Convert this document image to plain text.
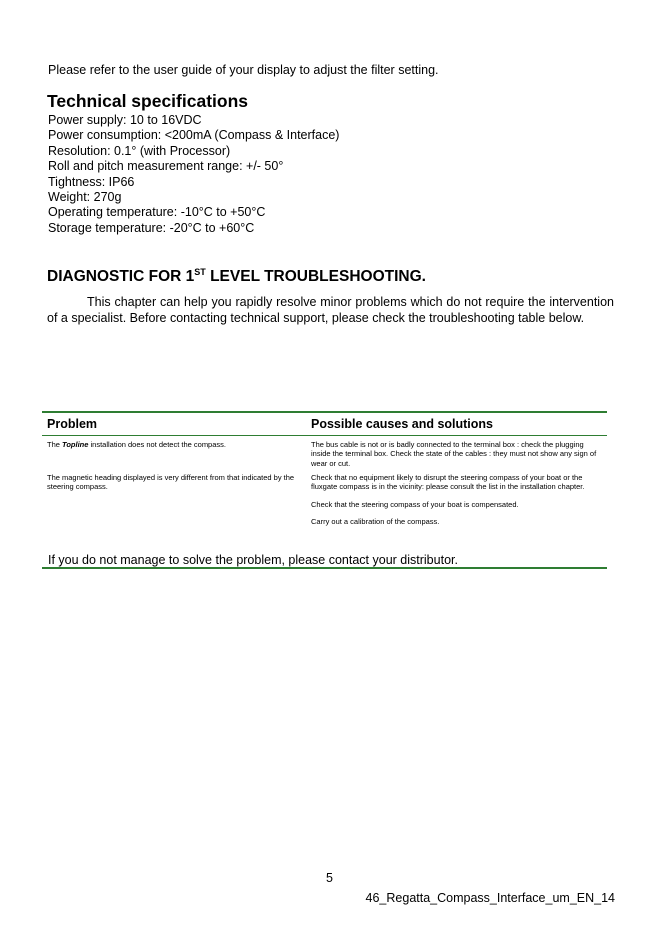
Please refer to the user guide of your display to adjust the filter setting.
Technical specifications
Power supply: 10 to 16VDC
Power consumption: <200mA (Compass & Interface)
Resolution: 0.1° (with Processor)
Roll and pitch measurement range: +/- 50°
Tightness: IP66
Weight: 270g
Operating temperature: -10°C to +50°C
Storage temperature: -20°C to +60°C
DIAGNOSTIC FOR 1ST LEVEL TROUBLESHOOTING.

This chapter can help you rapidly resolve minor problems which do not require the intervention of a specialist. Before contacting technical support, please check the troubleshooting table below.

Problem	Possible causes and solutions
The Topline installation does not detect the compass.	The bus cable is not or is badly connected to the terminal box : check the plugging inside the terminal box. Check the state of the cables : they must not show any sign of wear or cut.

The magnetic heading displayed is very different from that indicated by the steering compass.

Check that no equipment likely to disrupt the steering compass of your boat or the fluxgate compass is in the vicinity: please consult the list in the installation chapter.

Check that the steering compass of your boat is compensated.

Carry out a calibration of the compass.

If you do not manage to solve the problem, please contact your distributor.
5
46_Regatta_Compass_Interface_um_EN_14
